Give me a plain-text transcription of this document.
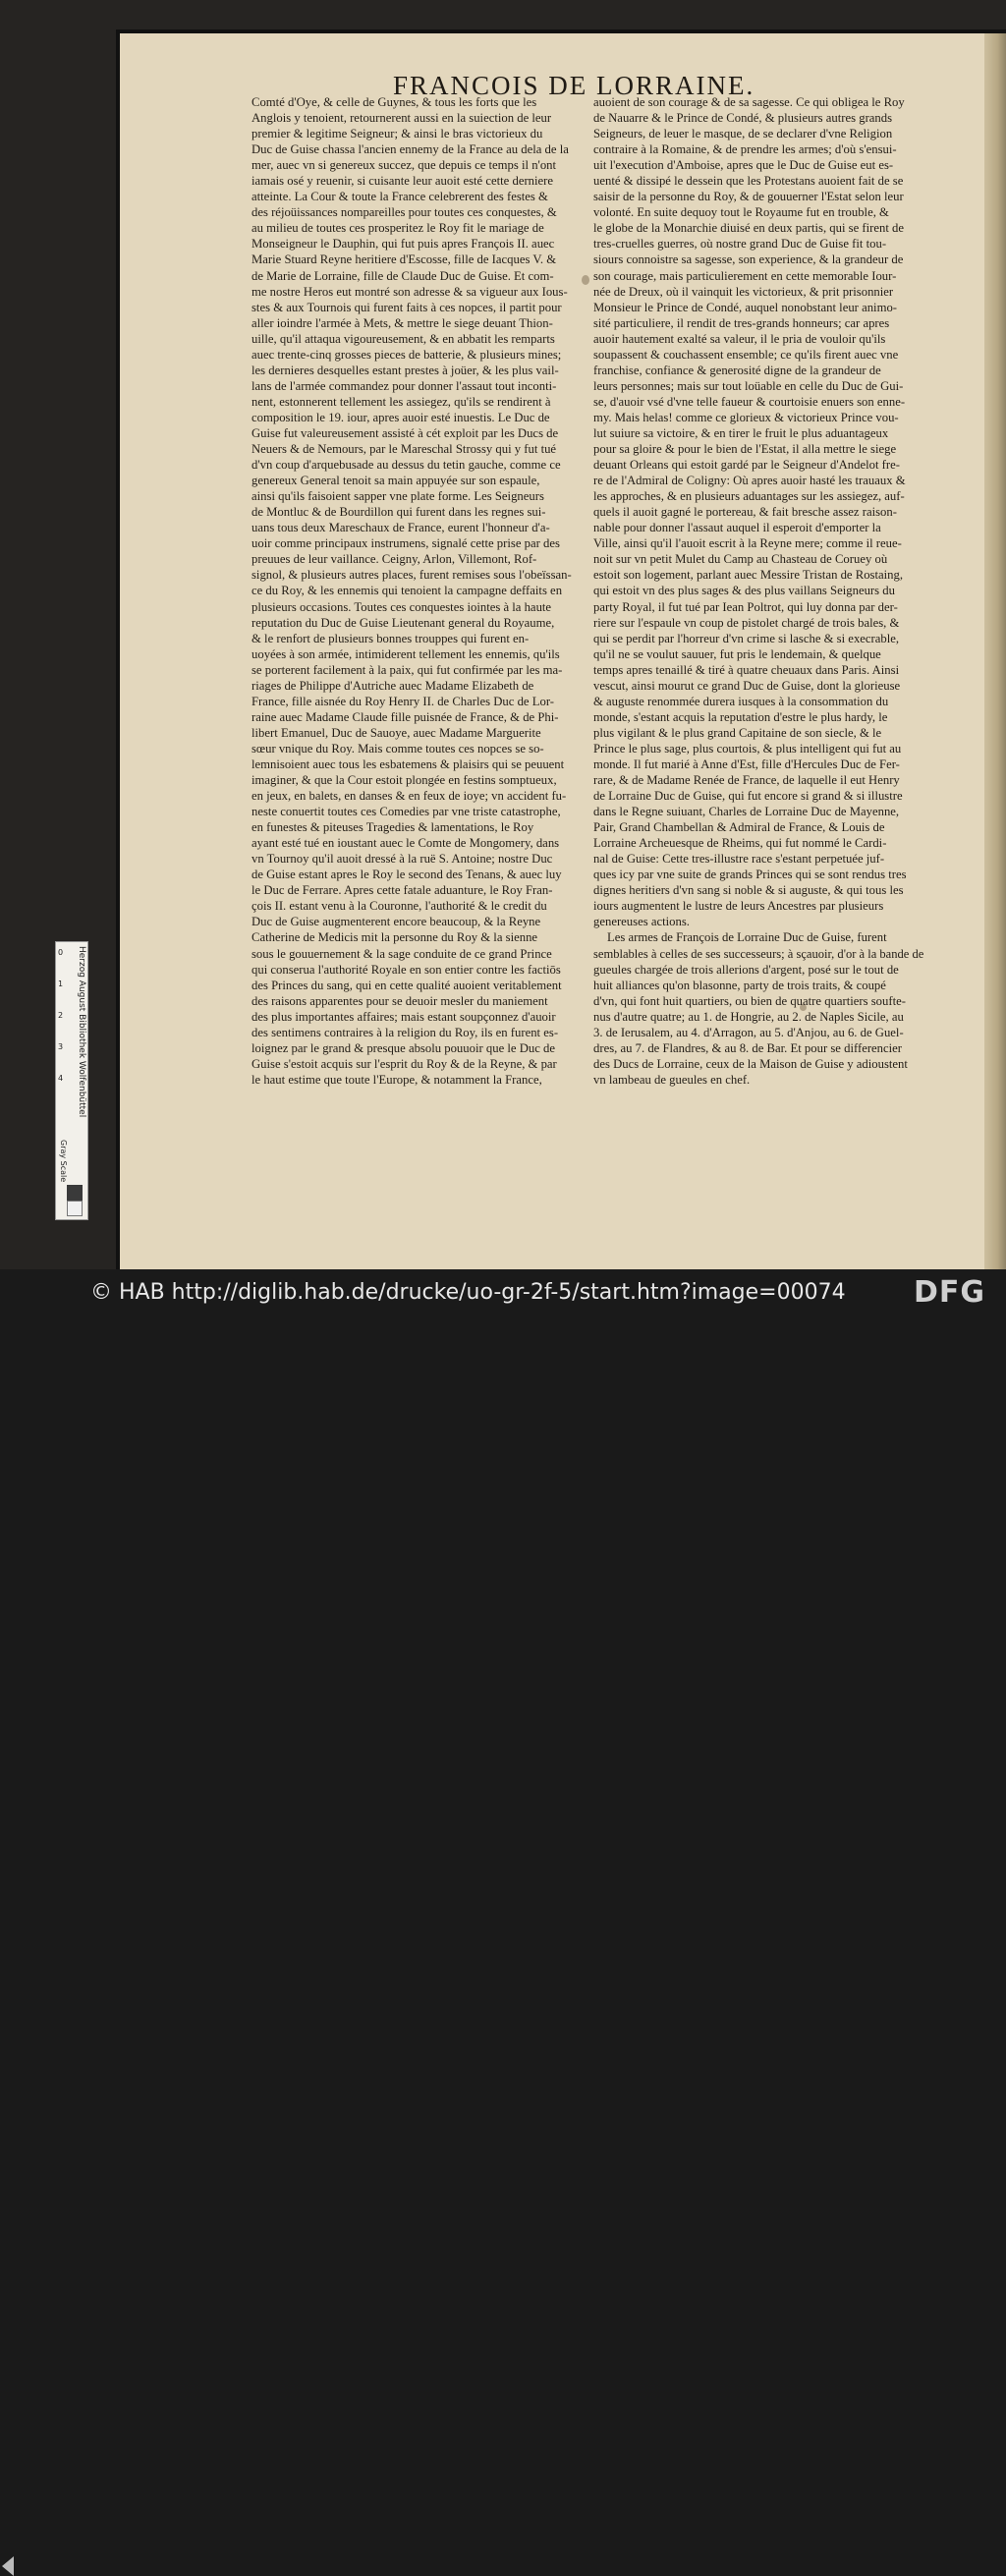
FRANCOIS DE LORRAINE.
Comté d'Oye, & celle de Guynes, & tous les forts que les
Anglois y tenoient, retournerent aussi en la suiection de leur
premier & legitime Seigneur; & ainsi le bras victorieux du
Duc de Guise chassa l'ancien ennemy de la France au dela de la
mer, auec vn si genereux succez, que depuis ce temps il n'ont
iamais osé y reuenir, si cuisante leur auoit esté cette derniere
atteinte. La Cour & toute la France celebrerent des festes &
des réjoüissances nompareilles pour toutes ces conquestes, &
au milieu de toutes ces prosperitez le Roy fit le mariage de
Monseigneur le Dauphin, qui fut puis apres François II. auec
Marie Stuard Reyne heritiere d'Escosse, fille de Iacques V. &
de Marie de Lorraine, fille de Claude Duc de Guise. Et com-
me nostre Heros eut montré son adresse & sa vigueur aux Ious-
stes & aux Tournois qui furent faits à ces nopces, il partit pour
aller ioindre l'armée à Mets, & mettre le siege deuant Thion-
uille, qu'il attaqua vigoureusement, & en abbatit les remparts
auec trente-cinq grosses pieces de batterie, & plusieurs mines;
les dernieres desquelles estant prestes à joüer, & les plus vail-
lans de l'armée commandez pour donner l'assaut tout inconti-
nent, estonnerent tellement les assiegez, qu'ils se rendirent à
composition le 19. iour, apres auoir esté inuestis. Le Duc de
Guise fut valeureusement assisté à cét exploit par les Ducs de
Neuers & de Nemours, par le Mareschal Strossy qui y fut tué
d'vn coup d'arquebusade au dessus du tetin gauche, comme ce
genereux General tenoit sa main appuyée sur son espaule,
ainsi qu'ils faisoient sapper vne plate forme. Les Seigneurs
de Montluc & de Bourdillon qui furent dans les regnes sui-
uans tous deux Mareschaux de France, eurent l'honneur d'a-
uoir comme principaux instrumens, signalé cette prise par des
preuues de leur vaillance. Ceigny, Arlon, Villemont, Rof-
signol, & plusieurs autres places, furent remises sous l'obeïssan-
ce du Roy, & les ennemis qui tenoient la campagne deffaits en
plusieurs occasions. Toutes ces conquestes iointes à la haute
reputation du Duc de Guise Lieutenant general du Royaume,
& le renfort de plusieurs bonnes trouppes qui furent en-
uoyées à son armée, intimiderent tellement les ennemis, qu'ils
se porterent facilement à la paix, qui fut confirmée par les ma-
riages de Philippe d'Autriche auec Madame Elizabeth de
France, fille aisnée du Roy Henry II. de Charles Duc de Lor-
raine auec Madame Claude fille puisnée de France, & de Phi-
libert Emanuel, Duc de Sauoye, auec Madame Marguerite
sœur vnique du Roy. Mais comme toutes ces nopces se so-
lemnisoient auec tous les esbatemens & plaisirs qui se peuuent
imaginer, & que la Cour estoit plongée en festins somptueux,
en jeux, en balets, en danses & en feux de ioye; vn accident fu-
neste conuertit toutes ces Comedies par vne triste catastrophe,
en funestes & piteuses Tragedies & lamentations, le Roy
ayant esté tué en ioustant auec le Comte de Mongomery, dans
vn Tournoy qu'il auoit dressé à la ruë S. Antoine; nostre Duc
de Guise estant apres le Roy le second des Tenans, & auec luy
le Duc de Ferrare. Apres cette fatale aduanture, le Roy Fran-
çois II. estant venu à la Couronne, l'authorité & le credit du
Duc de Guise augmenterent encore beaucoup, & la Reyne
Catherine de Medicis mit la personne du Roy & la sienne
sous le gouuernement & la sage conduite de ce grand Prince
qui conserua l'authorité Royale en son entier contre les factiōs
des Princes du sang, qui en cette qualité auoient veritablement
des raisons apparentes pour se deuoir mesler du maniement
des plus importantes affaires; mais estant soupçonnez d'auoir
des sentimens contraires à la religion du Roy, ils en furent es-
loignez par le grand & presque absolu pouuoir que le Duc de
Guise s'estoit acquis sur l'esprit du Roy & de la Reyne, & par
le haut estime que toute l'Europe, & notamment la France,
auoient de son courage & de sa sagesse. Ce qui obligea le Roy
de Nauarre & le Prince de Condé, & plusieurs autres grands
Seigneurs, de leuer le masque, de se declarer d'vne Religion
contraire à la Romaine, & de prendre les armes; d'où s'ensui-
uit l'execution d'Amboise, apres que le Duc de Guise eut es-
uenté & dissipé le dessein que les Protestans auoient fait de se
saisir de la personne du Roy, & de gouuerner l'Estat selon leur
volonté. En suite dequoy tout le Royaume fut en trouble, &
le globe de la Monarchie diuisé en deux partis, qui se firent de
tres-cruelles guerres, où nostre grand Duc de Guise fit tou-
siours connoistre sa sagesse, son experience, & la grandeur de
son courage, mais particulierement en cette memorable Iour-
née de Dreux, où il vainquit les victorieux, & prit prisonnier
Monsieur le Prince de Condé, auquel nonobstant leur animo-
sité particuliere, il rendit de tres-grands honneurs; car apres
auoir hautement exalté sa valeur, il le pria de vouloir qu'ils
soupassent & couchassent ensemble; ce qu'ils firent auec vne
franchise, confiance & generosité digne de la grandeur de
leurs personnes; mais sur tout loüable en celle du Duc de Gui-
se, d'auoir vsé d'vne telle faueur & courtoisie enuers son enne-
my. Mais helas! comme ce glorieux & victorieux Prince vou-
lut suiure sa victoire, & en tirer le fruit le plus aduantageux
pour sa gloire & pour le bien de l'Estat, il alla mettre le siege
deuant Orleans qui estoit gardé par le Seigneur d'Andelot fre-
re de l'Admiral de Coligny: Où apres auoir hasté les trauaux &
les approches, & en plusieurs aduantages sur les assiegez, auf-
quels il auoit gagné le portereau, & fait bresche assez raison-
nable pour donner l'assaut auquel il esperoit d'emporter la
Ville, ainsi qu'il l'auoit escrit à la Reyne mere; comme il reue-
noit sur vn petit Mulet du Camp au Chasteau de Coruey où
estoit son logement, parlant auec Messire Tristan de Rostaing,
qui estoit vn des plus sages & des plus vaillans Seigneurs du
party Royal, il fut tué par Iean Poltrot, qui luy donna par der-
riere sur l'espaule vn coup de pistolet chargé de trois bales, &
qui se perdit par l'horreur d'vn crime si lasche & si execrable,
qu'il ne se voulut sauuer, fut pris le lendemain, & quelque
temps apres tenaillé & tiré à quatre cheuaux dans Paris. Ainsi
vescut, ainsi mourut ce grand Duc de Guise, dont la glorieuse
& auguste renommée durera iusques à la consommation du
monde, s'estant acquis la reputation d'estre le plus hardy, le
plus vigilant & le plus grand Capitaine de son siecle, & le
Prince le plus sage, plus courtois, & plus intelligent qui fut au
monde. Il fut marié à Anne d'Est, fille d'Hercules Duc de Fer-
rare, & de Madame Renée de France, de laquelle il eut Henry
de Lorraine Duc de Guise, qui fut encore si grand & si illustre
dans le Regne suiuant, Charles de Lorraine Duc de Mayenne,
Pair, Grand Chambellan & Admiral de France, & Louis de
Lorraine Archeuesque de Rheims, qui fut nommé le Cardi-
nal de Guise: Cette tres-illustre race s'estant perpetuée juf-
ques icy par vne suite de grands Princes qui se sont rendus tres
dignes heritiers d'vn sang si noble & si auguste, & qui tous les
iours augmentent le lustre de leurs Ancestres par plusieurs
genereuses actions.
Les armes de François de Lorraine Duc de Guise, furent
semblables à celles de ses successeurs; à sçauoir, d'or à la bande de
gueules chargée de trois allerions d'argent, posé sur le tout de
huit alliances qu'on blasonne, party de trois traits, & coupé
d'vn, qui font huit quartiers, ou bien de quatre quartiers soufte-
nus d'autre quatre; au 1. de Hongrie, au 2. de Naples Sicile, au
3. de Ierusalem, au 4. d'Arragon, au 5. d'Anjou, au 6. de Guel-
dres, au 7. de Flandres, & au 8. de Bar. Et pour se differencier
des Ducs de Lorraine, ceux de la Maison de Guise y adioustent
vn lambeau de gueules en chef.
0
1
2
3
4	Herzog August Bibliothek Wolfenbüttel
Gray Scale
© HAB http://diglib.hab.de/drucke/uo-gr-2f-5/start.htm?image=00074 DFG
